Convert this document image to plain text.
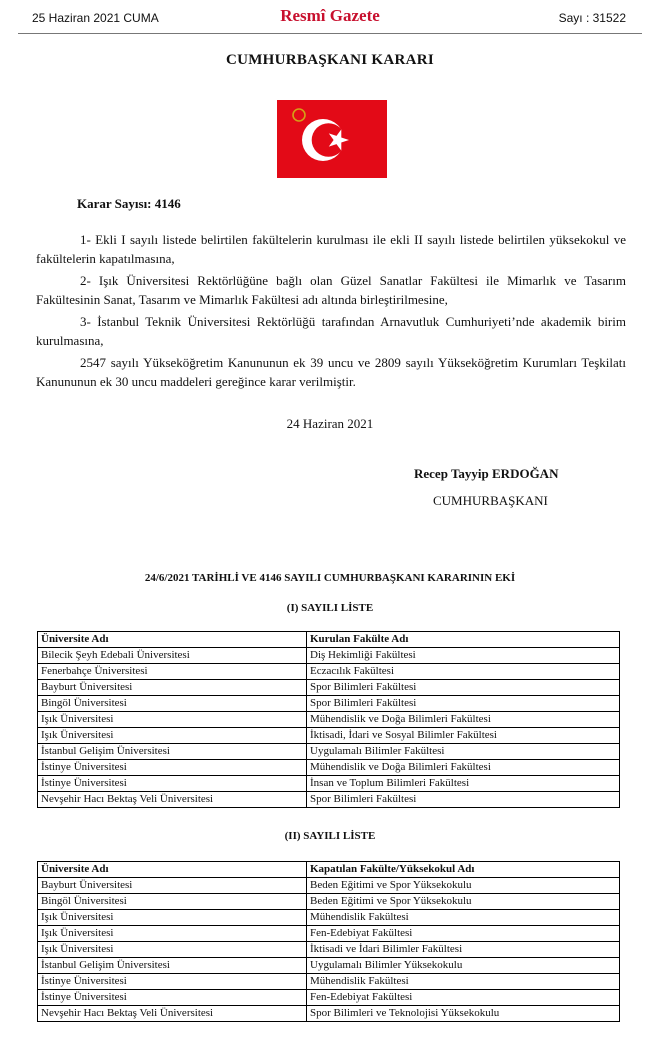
25 Haziran 2021 CUMA	Resmî Gazete	Sayı : 31522
CUMHURBAŞKANI KARARI
Karar Sayısı: 4146
1- Ekli I sayılı listede belirtilen fakültelerin kurulması ile ekli II sayılı listede belirtilen yüksekokul ve fakültelerin kapatılmasına,
2- Işık Üniversitesi Rektörlüğüne bağlı olan Güzel Sanatlar Fakültesi ile Mimarlık ve Tasarım Fakültesinin Sanat, Tasarım ve Mimarlık Fakültesi adı altında birleştirilmesine,
3- İstanbul Teknik Üniversitesi Rektörlüğü tarafından Arnavutluk Cumhuriyeti’nde akademik birim kurulmasına,
2547 sayılı Yükseköğretim Kanununun ek 39 uncu ve 2809 sayılı Yükseköğretim Kurumları Teşkilatı Kanununun ek 30 uncu maddeleri gereğince karar verilmiştir.
24 Haziran 2021
Recep Tayyip ERDOĞAN
CUMHURBAŞKANI
24/6/2021 TARİHLİ VE 4146 SAYILI CUMHURBAŞKANI KARARININ EKİ
(I) SAYILI LİSTE
Üniversite Adı	Kurulan Fakülte Adı
Bilecik Şeyh Edebali Üniversitesi	Diş Hekimliği Fakültesi
Fenerbahçe Üniversitesi	Eczacılık Fakültesi
Bayburt Üniversitesi	Spor Bilimleri Fakültesi
Bingöl Üniversitesi	Spor Bilimleri Fakültesi
Işık Üniversitesi	Mühendislik ve Doğa Bilimleri Fakültesi
Işık Üniversitesi	İktisadi, İdari ve Sosyal Bilimler Fakültesi
İstanbul Gelişim Üniversitesi	Uygulamalı Bilimler Fakültesi
İstinye Üniversitesi	Mühendislik ve Doğa Bilimleri Fakültesi
İstinye Üniversitesi	İnsan ve Toplum Bilimleri Fakültesi
Nevşehir Hacı Bektaş Veli Üniversitesi	Spor Bilimleri Fakültesi
(II) SAYILI LİSTE
Üniversite Adı	Kapatılan Fakülte/Yüksekokul Adı
Bayburt Üniversitesi	Beden Eğitimi ve Spor Yüksekokulu
Bingöl Üniversitesi	Beden Eğitimi ve Spor Yüksekokulu
Işık Üniversitesi	Mühendislik Fakültesi
Işık Üniversitesi	Fen-Edebiyat Fakültesi
Işık Üniversitesi	İktisadi ve İdari Bilimler Fakültesi
İstanbul Gelişim Üniversitesi	Uygulamalı Bilimler Yüksekokulu
İstinye Üniversitesi	Mühendislik Fakültesi
İstinye Üniversitesi	Fen-Edebiyat Fakültesi
Nevşehir Hacı Bektaş Veli Üniversitesi	Spor Bilimleri ve Teknolojisi Yüksekokulu
